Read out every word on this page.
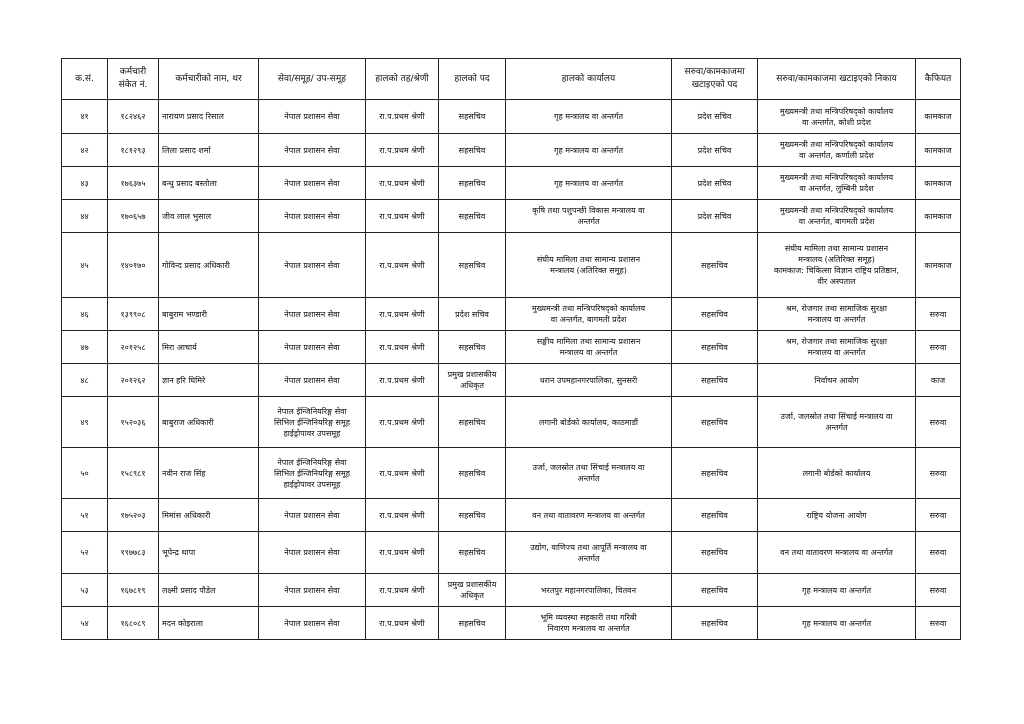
क.सं.	कर्मचारी संकेत नं.	कर्मचारीको नाम, थर	सेवा/समूह/ उप-समूह	हालको तह/श्रेणी	हालको पद	हालको कार्यालय	सरुवा/कामकाजमा खटाइएको पद	सरुवा/कामकाजमा खटाइएको निकाय	कैफियत
४१	१८२४६२	नारायण प्रसाद रिसाल	नेपाल प्रशासन सेवा	रा.प.प्रथम श्रेणी	सहसचिव	गृह मन्त्रालय वा अन्तर्गत	प्रदेश सचिव	मुख्यमन्त्री तथा मन्त्रिपरिषद्को कार्यालय
वा अन्तर्गत, कोशी प्रदेश	कामकाज
४२	१८१२९३	लिला प्रसाद शर्मा	नेपाल प्रशासन सेवा	रा.प.प्रथम श्रेणी	सहसचिव	गृह मन्त्रालय वा अन्तर्गत	प्रदेश सचिव	मुख्यमन्त्री तथा मन्त्रिपरिषद्को कार्यालय
वा अन्तर्गत, कर्णाली प्रदेश	कामकाज
४३	१७६३७५	बन्धु प्रसाद बस्तोला	नेपाल प्रशासन सेवा	रा.प.प्रथम श्रेणी	सहसचिव	गृह मन्त्रालय वा अन्तर्गत	प्रदेश सचिव	मुख्यमन्त्री तथा मन्त्रिपरिषद्को कार्यालय
वा अन्तर्गत, लुम्बिनी प्रदेश	कामकाज
४४	१७०६५७	जीव लाल भुसाल	नेपाल प्रशासन सेवा	रा.प.प्रथम श्रेणी	सहसचिव	कृषि तथा पशुपन्छी विकास मन्त्रालय वा
अन्तर्गत	प्रदेश सचिव	मुख्यमन्त्री तथा मन्त्रिपरिषद्को कार्यालय
वा अन्तर्गत, बागमती प्रदेश	कामकाज
४५	१४०१७०	गोविन्द प्रसाद अधिकारी	नेपाल प्रशासन सेवा	रा.प.प्रथम श्रेणी	सहसचिव	संघीय मामिला तथा सामान्य प्रशासन
मन्त्रालय (अतिरिक्त समूह)	सहसचिव	संघीय मामिला तथा सामान्य प्रशासन
मन्त्रालय (अतिरिक्त समूह)
कामकाज: चिकित्सा विज्ञान राष्ट्रिय प्रतिष्ठान,
वीर अस्पताल	कामकाज
४६	१३९९०८	बाबुराम भण्डारी	नेपाल प्रशासन सेवा	रा.प.प्रथम श्रेणी	प्रदेश सचिव	मुख्यमन्त्री तथा मन्त्रिपरिषद्को कार्यालय
वा अन्तर्गत, बागमती प्रदेश	सहसचिव	श्रम, रोजगार तथा सामाजिक सुरक्षा
मन्त्रालय वा अन्तर्गत	सरुवा
४७	२०१२५८	मिरा आचार्य	नेपाल प्रशासन सेवा	रा.प.प्रथम श्रेणी	सहसचिव	सङ्घीय मामिला तथा सामान्य प्रशासन
मन्त्रालय वा अन्तर्गत	सहसचिव	श्रम, रोजगार तथा सामाजिक सुरक्षा
मन्त्रालय वा अन्तर्गत	सरुवा
४८	२०१२६२	ज्ञान हरि घिमिरे	नेपाल प्रशासन सेवा	रा.प.प्रथम श्रेणी	प्रमुख प्रशासकीय
अधिकृत	धरान उपमहानगरपालिका, सुनसरी	सहसचिव	निर्वाचन आयोग	काज
४९	१५२०३६	बाबुराज अधिकारी	नेपाल ईन्जिनियरिङ्ग सेवा
सिभिल ईन्जिनियरिङ्ग समूह
हाईड्रोपावर उपसमूह	रा.प.प्रथम श्रेणी	सहसचिव	लगानी बोर्डको कार्यालय, काठमाडौं	सहसचिव	उर्जा, जलस्रोत तथा सिंचाई मन्त्रालय वा
अन्तर्गत	सरुवा
५०	१५८९८१	नवीन राज सिंह	नेपाल ईन्जिनियरिङ्ग सेवा
सिभिल ईन्जिनियरिङ्ग समूह
हाईड्रोपावर उपसमूह	रा.प.प्रथम श्रेणी	सहसचिव	उर्जा, जलस्रोत तथा सिंचाई मन्त्रालय वा
अन्तर्गत	सहसचिव	लगानी बोर्डको कार्यालय	सरुवा
५१	१७५२०३	मिमांस अधिकारी	नेपाल प्रशासन सेवा	रा.प.प्रथम श्रेणी	सहसचिव	वन तथा वातावरण मन्त्रालय वा अन्तर्गत	सहसचिव	राष्ट्रिय योजना आयोग	सरुवा
५२	१९७७८३	भूपेन्द्र थापा	नेपाल प्रशासन सेवा	रा.प.प्रथम श्रेणी	सहसचिव	उद्योग, वाणिज्य तथा आपूर्ति मन्त्रालय वा
अन्तर्गत	सहसचिव	वन तथा वातावरण मन्त्रालय वा अन्तर्गत	सरुवा
५३	१६७८१९	लक्ष्मी प्रसाद पौडेल	नेपाल प्रशासन सेवा	रा.प.प्रथम श्रेणी	प्रमुख प्रशासकीय
अधिकृत	भरतपुर महानगरपालिका, चितवन	सहसचिव	गृह मन्त्रालय वा अन्तर्गत	सरुवा
५४	१६८०८९	मदन कोइराला	नेपाल प्रशासन सेवा	रा.प.प्रथम श्रेणी	सहसचिव	भूमि व्यवस्था सहकारी तथा गरिबी
निवारण मन्त्रालय वा अन्तर्गत	सहसचिव	गृह मन्त्रालय वा अन्तर्गत	सरुवा
